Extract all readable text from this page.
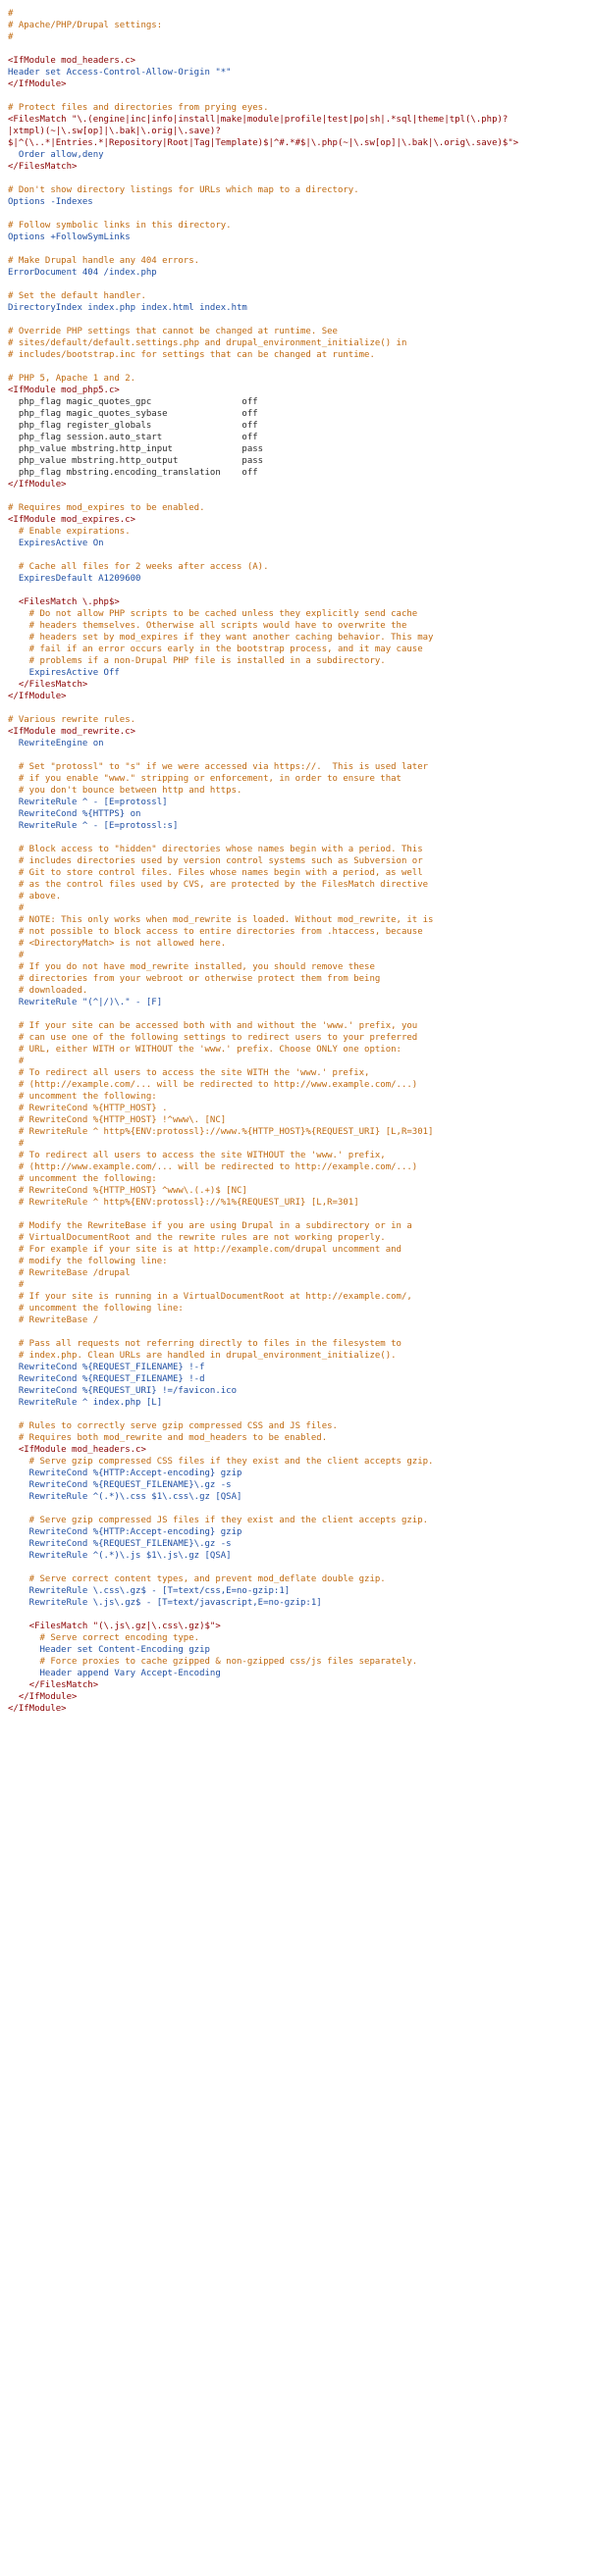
#
# Apache/PHP/Drupal settings:
#
<IfModule mod_headers.c>
Header set Access-Control-Allow-Origin "*"
</IfModule>
# Protect files and directories from prying eyes.
<FilesMatch "\.(engine|inc|info|install|make|module|profile|test|po|sh|.*sql|theme|tpl(\.php)?
|xtmpl)(~|\.sw[op]|\.bak|\.orig|\.save)?
$|^(\..*|Entries.*|Repository|Root|Tag|Template)$|^#.*#$|\.php(~|\.sw[op]|\.bak|\.orig\.save)$">
Order allow,deny
</FilesMatch>
# Don't show directory listings for URLs which map to a directory.
Options -Indexes
# Follow symbolic links in this directory.
Options +FollowSymLinks
# Make Drupal handle any 404 errors.
ErrorDocument 404 /index.php
# Set the default handler.
DirectoryIndex index.php index.html index.htm
# Override PHP settings that cannot be changed at runtime. See
# sites/default/default.settings.php and drupal_environment_initialize() in
# includes/bootstrap.inc for settings that can be changed at runtime.
# PHP 5, Apache 1 and 2.
<IfModule mod_php5.c>
php_flag magic_quotes_gpc                 off
php_flag magic_quotes_sybase              off
php_flag register_globals                 off
php_flag session.auto_start               off
php_value mbstring.http_input             pass
php_value mbstring.http_output            pass
php_flag mbstring.encoding_translation    off
</IfModule>
# Requires mod_expires to be enabled.
<IfModule mod_expires.c>
# Enable expirations.
ExpiresActive On
# Cache all files for 2 weeks after access (A).
ExpiresDefault A1209600
<FilesMatch \.php$>
# Do not allow PHP scripts to be cached unless they explicitly send cache
# headers themselves. Otherwise all scripts would have to overwrite the
# headers set by mod_expires if they want another caching behavior. This may
# fail if an error occurs early in the bootstrap process, and it may cause
# problems if a non-Drupal PHP file is installed in a subdirectory.
ExpiresActive Off
</FilesMatch>
</IfModule>
# Various rewrite rules.
<IfModule mod_rewrite.c>
RewriteEngine on
# Set "protossl" to "s" if we were accessed via https://.  This is used later
# if you enable "www." stripping or enforcement, in order to ensure that
# you don't bounce between http and https.
RewriteRule ^ - [E=protossl]
RewriteCond %{HTTPS} on
RewriteRule ^ - [E=protossl:s]
# Block access to "hidden" directories whose names begin with a period. This
# includes directories used by version control systems such as Subversion or
# Git to store control files. Files whose names begin with a period, as well
# as the control files used by CVS, are protected by the FilesMatch directive
# above.
#
# NOTE: This only works when mod_rewrite is loaded. Without mod_rewrite, it is
# not possible to block access to entire directories from .htaccess, because
# <DirectoryMatch> is not allowed here.
#
# If you do not have mod_rewrite installed, you should remove these
# directories from your webroot or otherwise protect them from being
# downloaded.
RewriteRule "(^|/)\." - [F]
# If your site can be accessed both with and without the 'www.' prefix, you
# can use one of the following settings to redirect users to your preferred
# URL, either WITH or WITHOUT the 'www.' prefix. Choose ONLY one option:
#
# To redirect all users to access the site WITH the 'www.' prefix,
# (http://example.com/... will be redirected to http://www.example.com/...)
# uncomment the following:
# RewriteCond %{HTTP_HOST} .
# RewriteCond %{HTTP_HOST} !^www\. [NC]
# RewriteRule ^ http%{ENV:protossl}://www.%{HTTP_HOST}%{REQUEST_URI} [L,R=301]
#
# To redirect all users to access the site WITHOUT the 'www.' prefix,
# (http://www.example.com/... will be redirected to http://example.com/...)
# uncomment the following:
# RewriteCond %{HTTP_HOST} ^www\.(.+)$ [NC]
# RewriteRule ^ http%{ENV:protossl}://%1%{REQUEST_URI} [L,R=301]
# Modify the RewriteBase if you are using Drupal in a subdirectory or in a
# VirtualDocumentRoot and the rewrite rules are not working properly.
# For example if your site is at http://example.com/drupal uncomment and
# modify the following line:
# RewriteBase /drupal
#
# If your site is running in a VirtualDocumentRoot at http://example.com/,
# uncomment the following line:
# RewriteBase /
# Pass all requests not referring directly to files in the filesystem to
# index.php. Clean URLs are handled in drupal_environment_initialize().
RewriteCond %{REQUEST_FILENAME} !-f
RewriteCond %{REQUEST_FILENAME} !-d
RewriteCond %{REQUEST_URI} !=/favicon.ico
RewriteRule ^ index.php [L]
# Rules to correctly serve gzip compressed CSS and JS files.
# Requires both mod_rewrite and mod_headers to be enabled.
<IfModule mod_headers.c>
# Serve gzip compressed CSS files if they exist and the client accepts gzip.
RewriteCond %{HTTP:Accept-encoding} gzip
RewriteCond %{REQUEST_FILENAME}\.gz -s
RewriteRule ^(.*)\.css $1\.css\.gz [QSA]
# Serve gzip compressed JS files if they exist and the client accepts gzip.
RewriteCond %{HTTP:Accept-encoding} gzip
RewriteCond %{REQUEST_FILENAME}\.gz -s
RewriteRule ^(.*)\.js $1\.js\.gz [QSA]
# Serve correct content types, and prevent mod_deflate double gzip.
RewriteRule \.css\.gz$ - [T=text/css,E=no-gzip:1]
RewriteRule \.js\.gz$ - [T=text/javascript,E=no-gzip:1]
<FilesMatch "(\.js\.gz|\.css\.gz)$">
# Serve correct encoding type.
Header set Content-Encoding gzip
# Force proxies to cache gzipped & non-gzipped css/js files separately.
Header append Vary Accept-Encoding
</FilesMatch>
</IfModule>
</IfModule>
